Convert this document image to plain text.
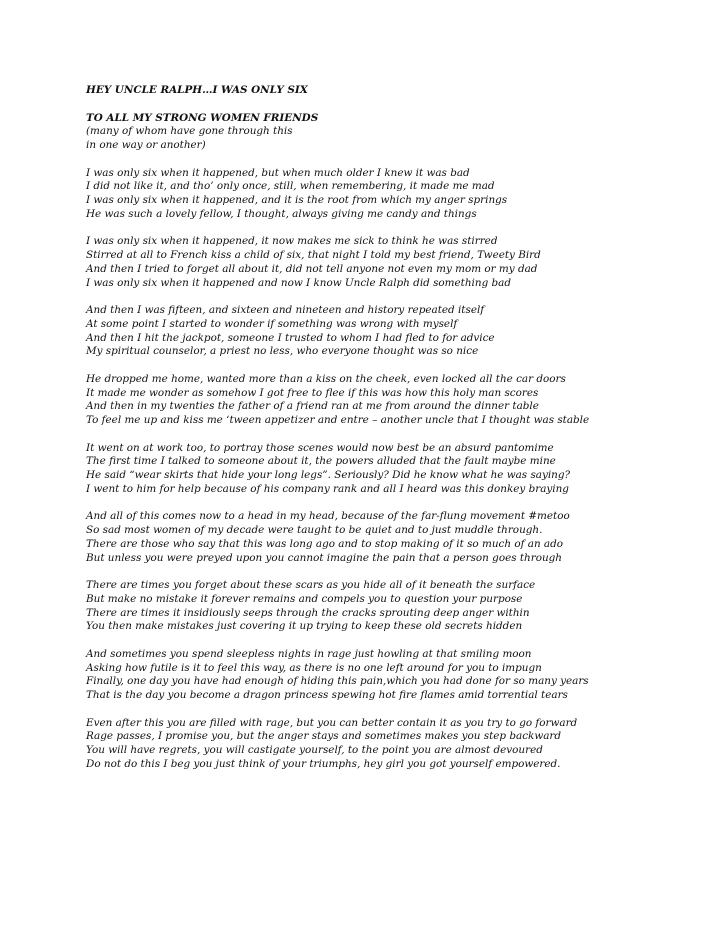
HEY UNCLE RALPH…I WAS ONLY SIX
TO ALL MY STRONG WOMEN FRIENDS
(many of whom have gone through this
in one way or another)
I was only six when it happened, but when much older I knew it was bad
I did not like it, and tho’ only once, still, when remembering, it made me mad
I was only six when it happened, and it is the root from which my anger springs
He was such a lovely fellow, I thought, always giving me candy and things
I was only six when it happened, it now makes me sick to think he was stirred
Stirred at all to French kiss a child of six, that night I told my best friend, Tweety Bird
And then I tried to forget all about it, did not tell anyone not even my mom or my dad
I was only six when it happened and now I know Uncle Ralph did something bad
And then I was fifteen, and sixteen and nineteen and history repeated itself
At some point I started to wonder if something was wrong with myself
And then I hit the jackpot, someone I trusted to whom I had fled to for advice
My spiritual counselor, a priest no less, who everyone thought was so nice
He dropped me home, wanted more than a kiss on the cheek, even locked all the car doors
It made me wonder as somehow I got free to flee if this was how this holy man scores
And then in my twenties the father of a friend ran at me from around the dinner table
To feel me up and kiss me ‘tween appetizer and entre – another uncle that I thought was stable
It went on at work too, to portray those scenes would now best be an absurd pantomime
The first time I talked to someone about it, the powers alluded that the fault maybe mine
He said “wear skirts that hide your long legs”. Seriously? Did he know what he was saying?
I went to him for help because of his company rank and all I heard was this donkey braying
And all of this comes now to a head in my head, because of the far-flung movement #metoo
So sad most women of my decade were taught to be quiet and to just muddle through.
There are those who say that this was long ago and to stop making of it so much of an ado
But unless you were preyed upon you cannot imagine the pain that a person goes through
There are times you forget about these scars as you hide all of it beneath the surface
But make no mistake it forever remains and compels you to question your purpose
There are times it insidiously seeps through the cracks sprouting deep anger within
You then make mistakes just covering it up trying to keep these old secrets hidden
And sometimes you spend sleepless nights in rage just howling at that smiling moon
Asking how futile is it to feel this way, as there is no one left around for you to impugn
Finally, one day you have had enough of hiding this pain,which you had done for so many years
That is the day you become a dragon princess spewing hot fire flames amid torrential tears
Even after this you are filled with rage, but you can better contain it as you try to go forward
Rage passes, I promise you, but the anger stays and sometimes makes you step backward
You will have regrets, you will castigate yourself, to the point you are almost devoured
Do not do this I beg you just think of your triumphs, hey girl you got yourself empowered.
